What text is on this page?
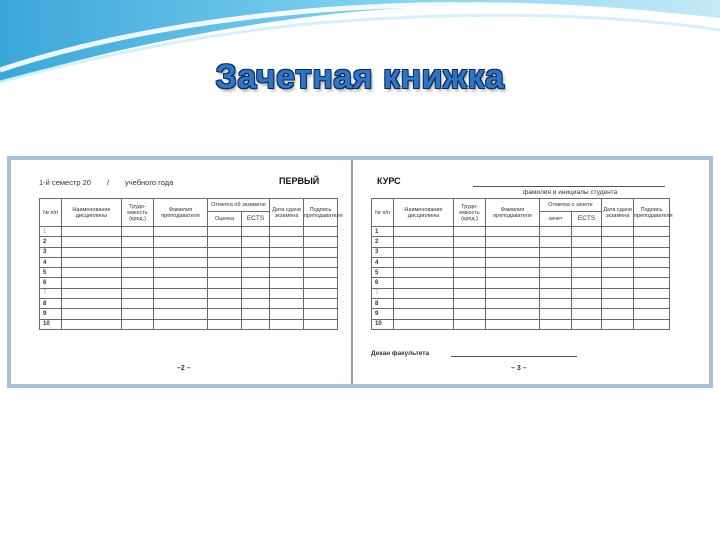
Зачетная книжка
1-й семестр 20 / учебного года	ПЕРВЫЙ
№ п/п	Наименование дисциплины	Трудо-емкость (кред.)	Фамилия преподавателя	Отметка об экзамене		Дата сдачи экзамена	Подпись преподавателя
				Оценка	ECTS		
1							
2							
3							
4							
5							
6							
7							
8							
9							
10							
–2 –
КУРС
фамилия и инициалы студента
№ п/п	Наименование дисциплины	Трудо-емкость (кред.)	Фамилия преподавателя	Отметка о зачете		Дата сдачи экзамена	Подпись преподавателя
				зачет	ECTS		
1							
2							
3							
4							
5							
6							
7							
8							
9							
10							
Декан факультета
– 3 –
